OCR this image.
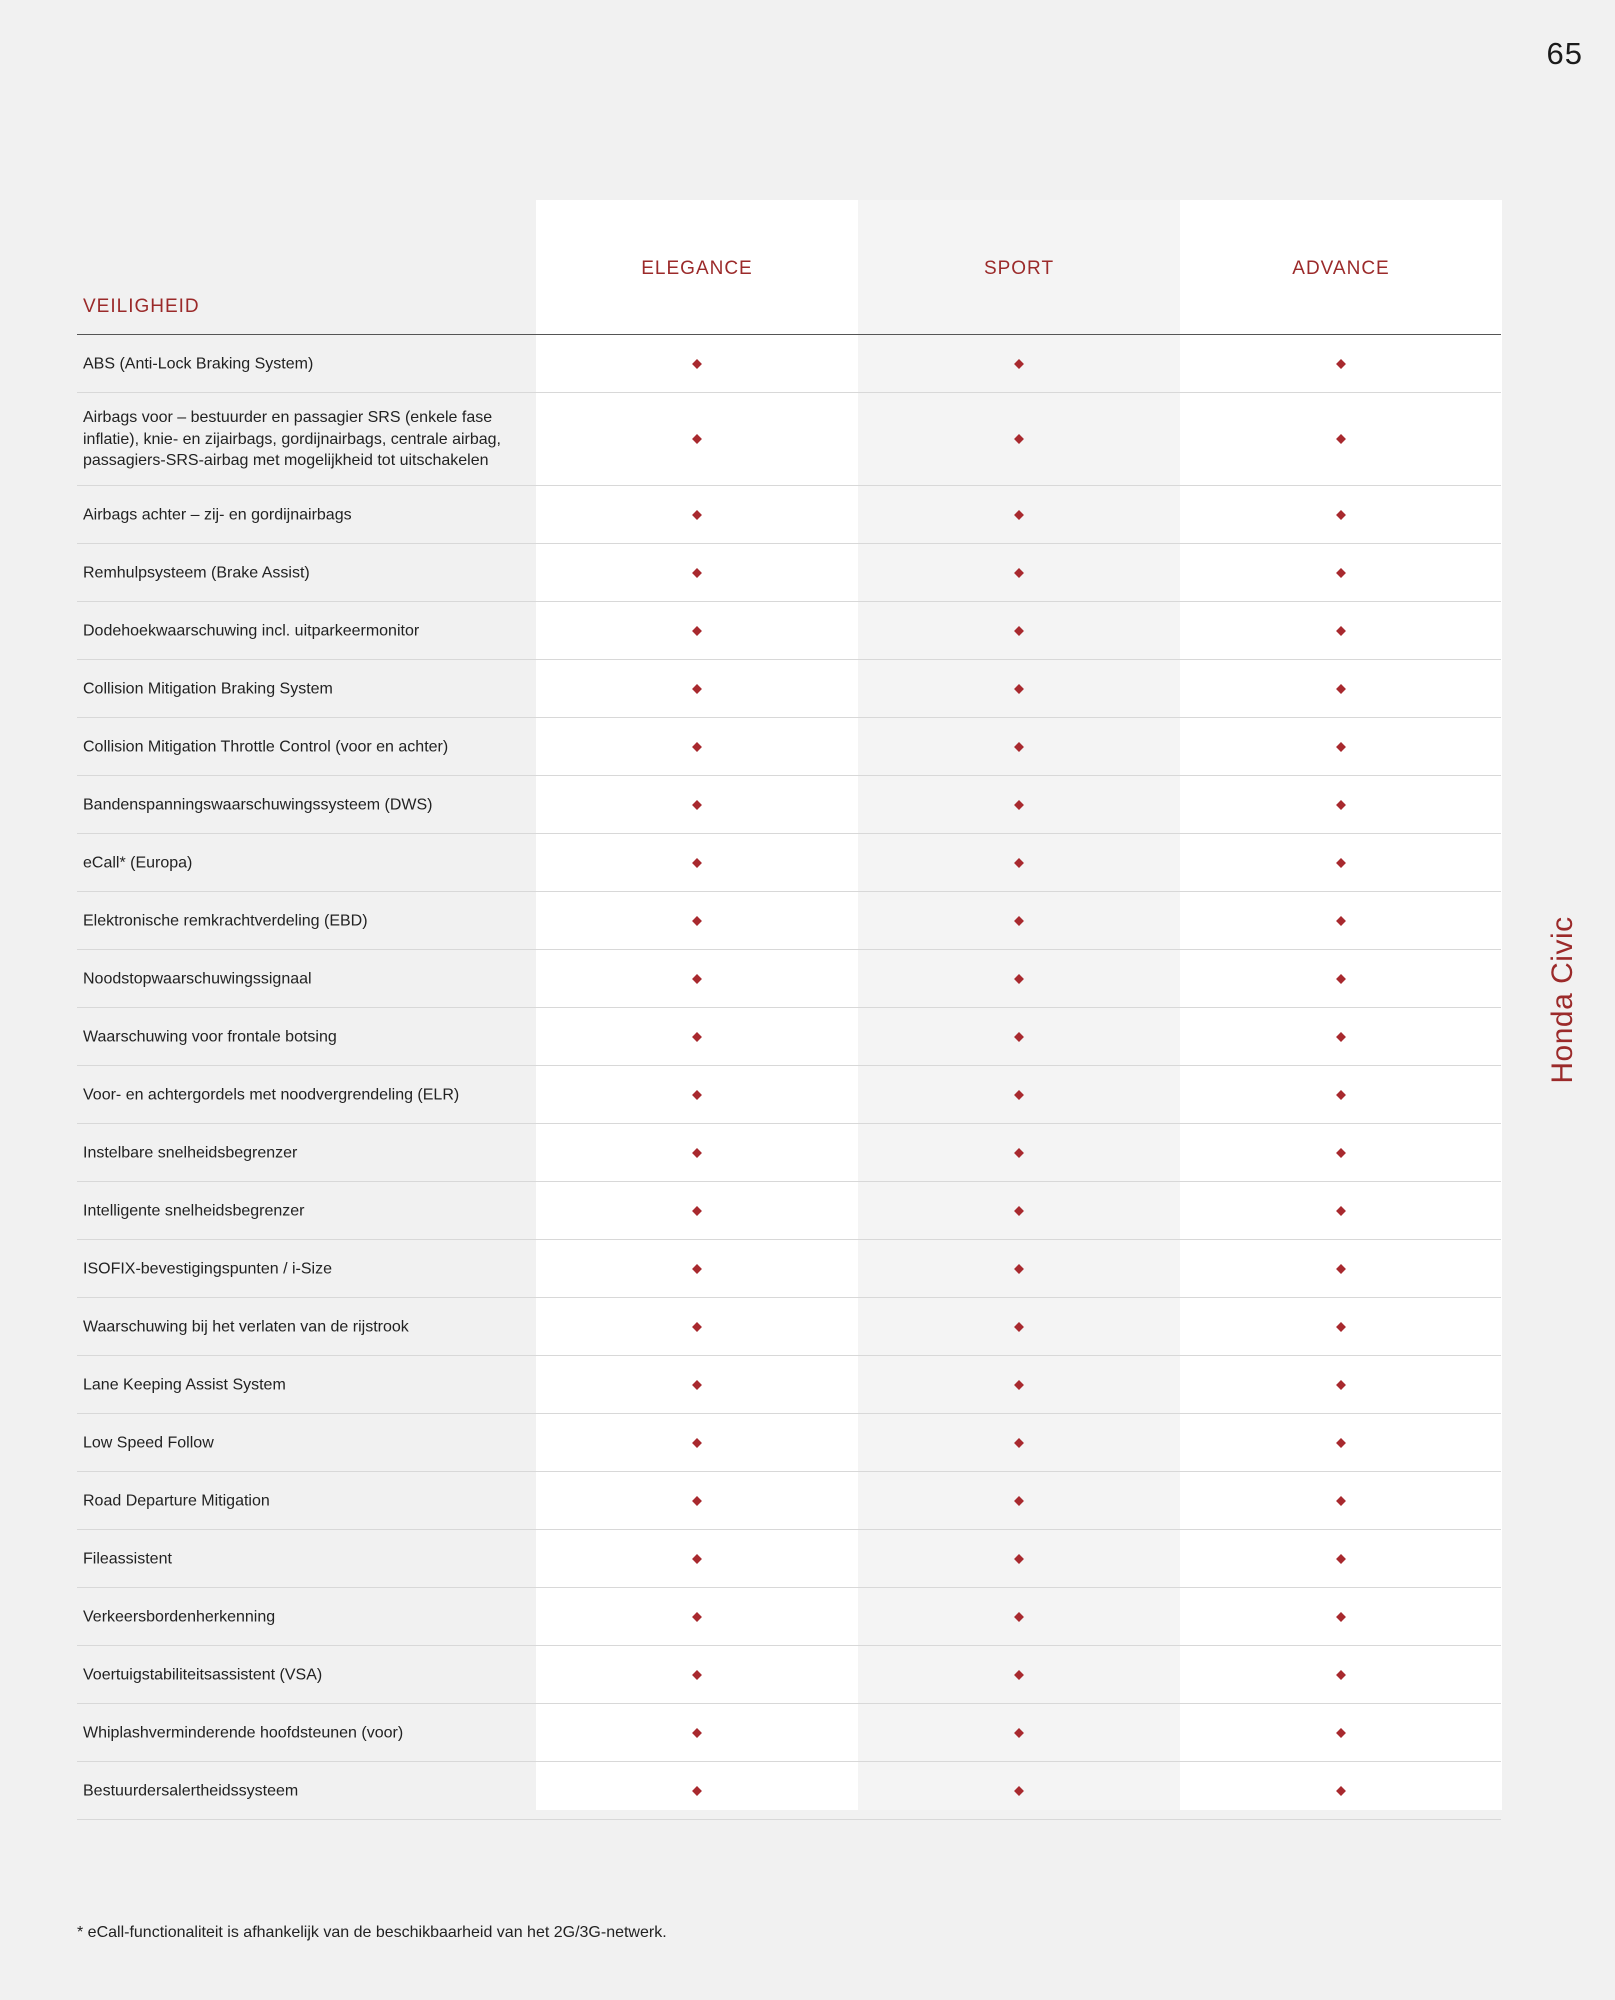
65
Honda Civic
VEILIGHEID
ELEGANCE	SPORT	ADVANCE
ABS (Anti-Lock Braking System)
Airbags voor – bestuurder en passagier SRS (enkele fase inflatie), knie- en zijairbags, gordijnairbags, centrale airbag, passagiers-SRS-airbag met mogelijkheid tot uitschakelen
Airbags achter – zij- en gordijnairbags
Remhulpsysteem (Brake Assist)
Dodehoekwaarschuwing incl. uitparkeermonitor
Collision Mitigation Braking System
Collision Mitigation Throttle Control (voor en achter)
Bandenspanningswaarschuwingssysteem (DWS)
eCall* (Europa)
Elektronische remkrachtverdeling (EBD)
Noodstopwaarschuwingssignaal
Waarschuwing voor frontale botsing
Voor- en achtergordels met noodvergrendeling (ELR)
Instelbare snelheidsbegrenzer
Intelligente snelheidsbegrenzer
ISOFIX-bevestigingspunten / i-Size
Waarschuwing bij het verlaten van de rijstrook
Lane Keeping Assist System
Low Speed Follow
Road Departure Mitigation
Fileassistent
Verkeersbordenherkenning
Voertuigstabiliteitsassistent (VSA)
Whiplashverminderende hoofdsteunen (voor)
Bestuurdersalertheidssysteem
* eCall-functionaliteit is afhankelijk van de beschikbaarheid van het 2G/3G-netwerk.
